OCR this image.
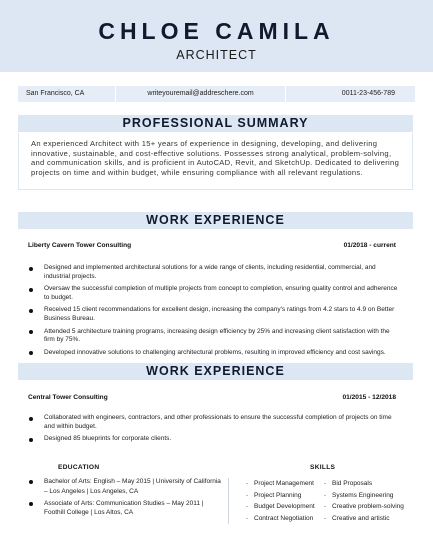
CHLOE CAMILA
ARCHITECT
San Francisco, CA	writeyouremail@addreschere.com	0011-23-456-789
PROFESSIONAL SUMMARY

An experienced Architect with 15+ years of experience in designing, developing, and delivering innovative, sustainable, and cost-effective solutions. Possesses strong analytical, problem-solving, and communication skills, and is proficient in AutoCAD, Revit, and SketchUp. Dedicated to delivering projects on time and within budget, while ensuring compliance with all relevant regulations.

WORK EXPERIENCE
Liberty Cavern Tower Consulting	01/2018 - current
Designed and implemented architectural solutions for a wide range of clients, including residential, commercial, and industrial projects.
Oversaw the successful completion of multiple projects from concept to completion, ensuring quality control and adherence to budget.
Received 15 client recommendations for excellent design, increasing the company's ratings from 4.2 stars to 4.9 on Better Business Bureau.
Attended 5 architecture training programs, increasing design efficiency by 25% and increasing client satisfaction with the firm by 75%.
Developed innovative solutions to challenging architectural problems, resulting in improved efficiency and cost savings.
WORK EXPERIENCE
Central Tower Consulting	01/2015 - 12/2018
Collaborated with engineers, contractors, and other professionals to ensure the successful completion of projects on time and within budget.
Designed 85 blueprints for corporate clients.
EDUCATION
Bachelor of Arts: English – May 2015 | University of California – Los Angeles | Los Angeles, CA
Associate of Arts: Communication Studies – May 2011 | Foothill College | Los Altos, CA
SKILLS
- Project Management
- Project Planning
- Budget Development
- Contract Negotiation
- Bid Proposals
- Systems Engineering
- Creative problem-solving
- Creative and artistic
